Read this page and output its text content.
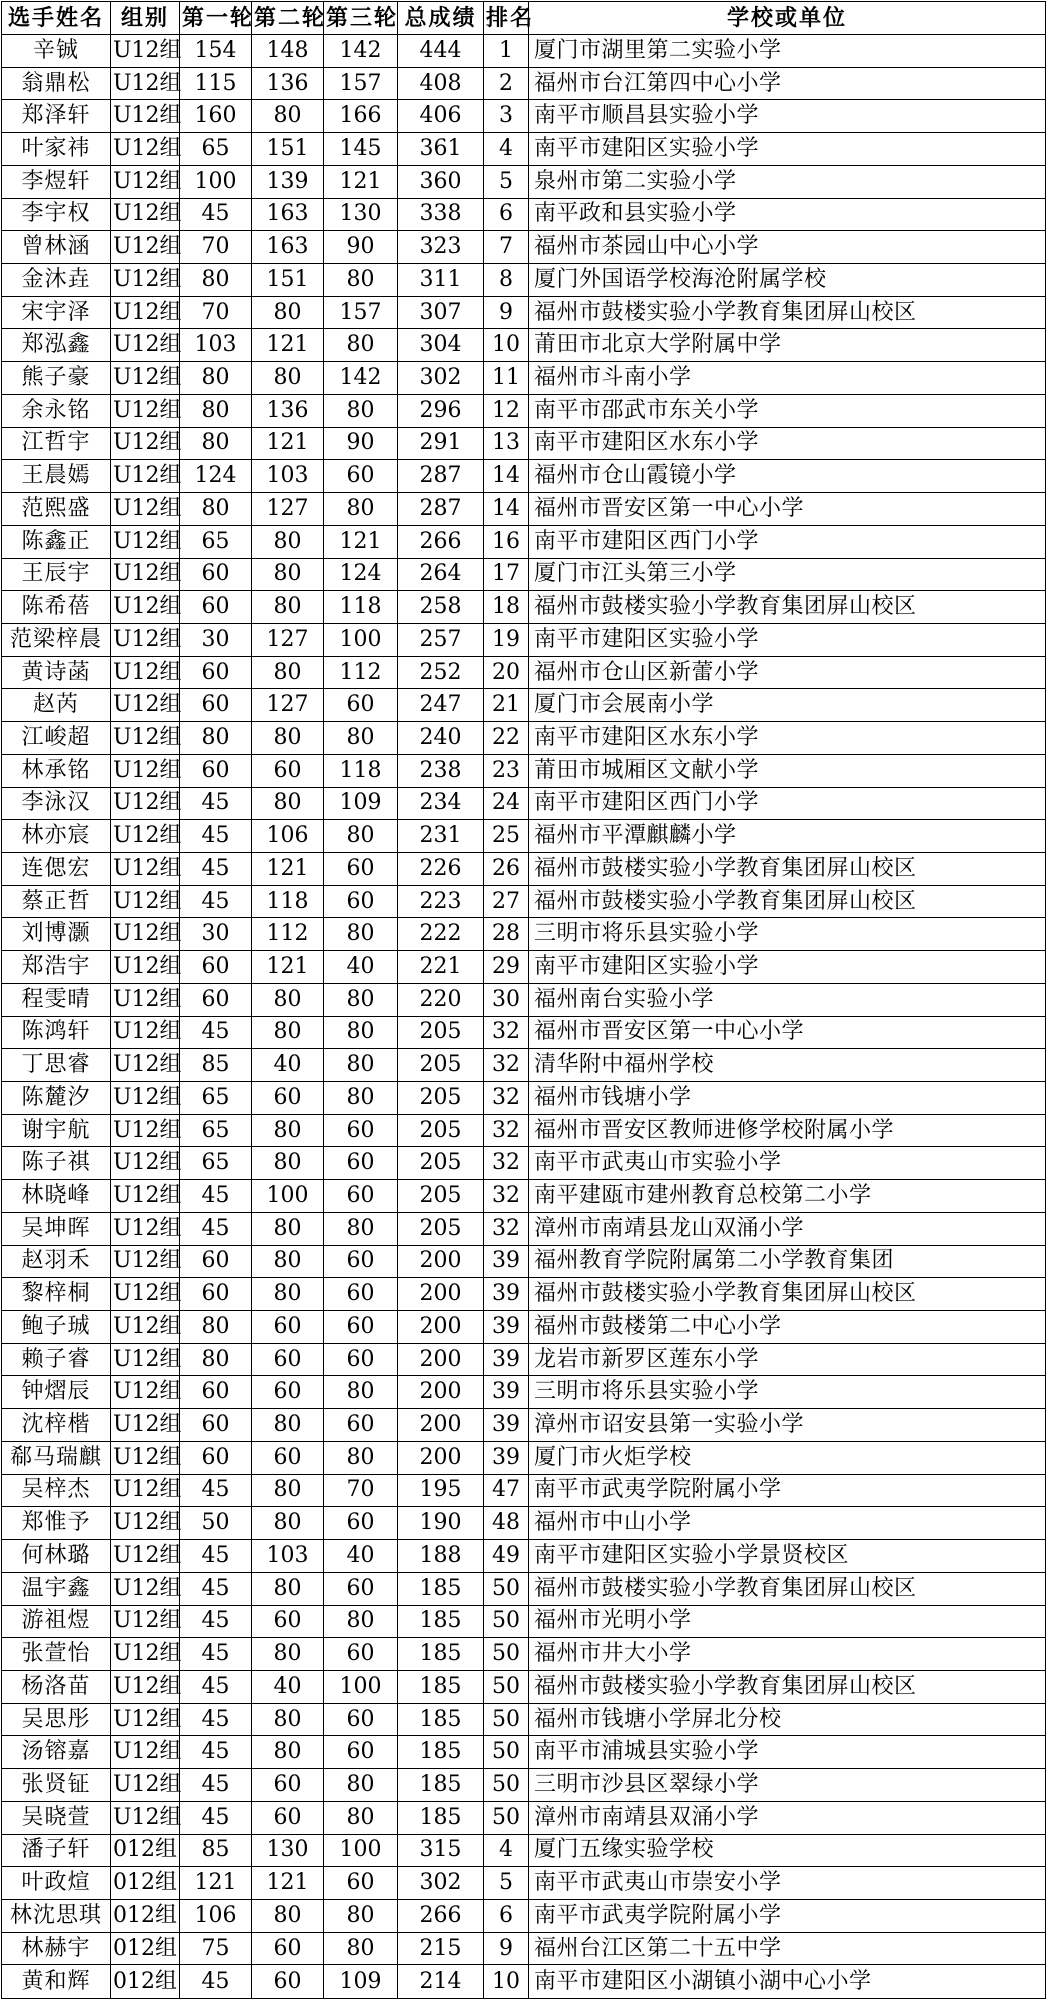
选手姓名	组别	第一轮	第二轮	第三轮	总成绩	排名	学校或单位
辛铖	U12组	154	148	142	444	1	厦门市湖里第二实验小学
翁鼎松	U12组	115	136	157	408	2	福州市台江第四中心小学
郑泽轩	U12组	160	80	166	406	3	南平市顺昌县实验小学
叶家祎	U12组	65	151	145	361	4	南平市建阳区实验小学
李煜轩	U12组	100	139	121	360	5	泉州市第二实验小学
李宇权	U12组	45	163	130	338	6	南平政和县实验小学
曾林涵	U12组	70	163	90	323	7	福州市茶园山中心小学
金沐垚	U12组	80	151	80	311	8	厦门外国语学校海沧附属学校
宋宇泽	U12组	70	80	157	307	9	福州市鼓楼实验小学教育集团屏山校区
郑泓鑫	U12组	103	121	80	304	10	莆田市北京大学附属中学
熊子豪	U12组	80	80	142	302	11	福州市斗南小学
余永铭	U12组	80	136	80	296	12	南平市邵武市东关小学
江哲宇	U12组	80	121	90	291	13	南平市建阳区水东小学
王晨嫣	U12组	124	103	60	287	14	福州市仓山霞镜小学
范熙盛	U12组	80	127	80	287	14	福州市晋安区第一中心小学
陈鑫正	U12组	65	80	121	266	16	南平市建阳区西门小学
王辰宇	U12组	60	80	124	264	17	厦门市江头第三小学
陈希蓓	U12组	60	80	118	258	18	福州市鼓楼实验小学教育集团屏山校区
范梁梓晨	U12组	30	127	100	257	19	南平市建阳区实验小学
黄诗菡	U12组	60	80	112	252	20	福州市仓山区新蕾小学
赵芮	U12组	60	127	60	247	21	厦门市会展南小学
江峻超	U12组	80	80	80	240	22	南平市建阳区水东小学
林承铭	U12组	60	60	118	238	23	莆田市城厢区文献小学
李泳汉	U12组	45	80	109	234	24	南平市建阳区西门小学
林亦宸	U12组	45	106	80	231	25	福州市平潭麒麟小学
连偲宏	U12组	45	121	60	226	26	福州市鼓楼实验小学教育集团屏山校区
蔡正哲	U12组	45	118	60	223	27	福州市鼓楼实验小学教育集团屏山校区
刘博灏	U12组	30	112	80	222	28	三明市将乐县实验小学
郑浩宇	U12组	60	121	40	221	29	南平市建阳区实验小学
程雯晴	U12组	60	80	80	220	30	福州南台实验小学
陈鸿轩	U12组	45	80	80	205	32	福州市晋安区第一中心小学
丁思睿	U12组	85	40	80	205	32	清华附中福州学校
陈麓汐	U12组	65	60	80	205	32	福州市钱塘小学
谢宇航	U12组	65	80	60	205	32	福州市晋安区教师进修学校附属小学
陈子祺	U12组	65	80	60	205	32	南平市武夷山市实验小学
林晓峰	U12组	45	100	60	205	32	南平建瓯市建州教育总校第二小学
吴坤晖	U12组	45	80	80	205	32	漳州市南靖县龙山双涌小学
赵羽禾	U12组	60	80	60	200	39	福州教育学院附属第二小学教育集团
黎梓桐	U12组	60	80	60	200	39	福州市鼓楼实验小学教育集团屏山校区
鲍子珹	U12组	80	60	60	200	39	福州市鼓楼第二中心小学
赖子睿	U12组	80	60	60	200	39	龙岩市新罗区莲东小学
钟熠辰	U12组	60	60	80	200	39	三明市将乐县实验小学
沈梓楷	U12组	60	80	60	200	39	漳州市诏安县第一实验小学
郗马瑞麒	U12组	60	60	80	200	39	厦门市火炬学校
吴梓杰	U12组	45	80	70	195	47	南平市武夷学院附属小学
郑惟予	U12组	50	80	60	190	48	福州市中山小学
何林璐	U12组	45	103	40	188	49	南平市建阳区实验小学景贤校区
温宇鑫	U12组	45	80	60	185	50	福州市鼓楼实验小学教育集团屏山校区
游祖煜	U12组	45	60	80	185	50	福州市光明小学
张萱怡	U12组	45	80	60	185	50	福州市井大小学
杨洛苗	U12组	45	40	100	185	50	福州市鼓楼实验小学教育集团屏山校区
吴思彤	U12组	45	80	60	185	50	福州市钱塘小学屏北分校
汤镕嘉	U12组	45	80	60	185	50	南平市浦城县实验小学
张贤钲	U12组	45	60	80	185	50	三明市沙县区翠绿小学
吴晓萱	U12组	45	60	80	185	50	漳州市南靖县双涌小学
潘子轩	012组	85	130	100	315	4	厦门五缘实验学校
叶政煊	012组	121	121	60	302	5	南平市武夷山市崇安小学
林沈思琪	012组	106	80	80	266	6	南平市武夷学院附属小学
林赫宇	012组	75	60	80	215	9	福州台江区第二十五中学
黄和辉	012组	45	60	109	214	10	南平市建阳区小湖镇小湖中心小学
